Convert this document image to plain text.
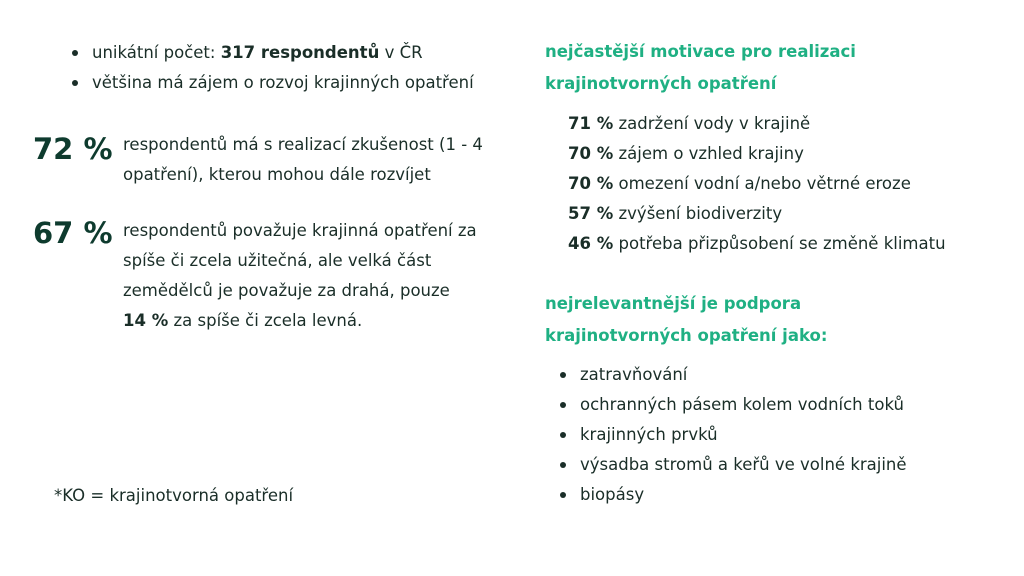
unikátní počet: 317 respondentů v ČR
většina má zájem o rozvoj krajinných opatření
72 % respondentů má s realizací zkušenost (1 - 4 opatření), kterou mohou dále rozvíjet
67 % respondentů považuje krajinná opatření za spíše či zcela užitečná, ale velká část zemědělců je považuje za drahá, pouze
14 % za spíše či zcela levná.
nejčastější motivace pro realizaci
krajinotvorných opatření
71 % zadržení vody v krajině
70 % zájem o vzhled krajiny
70 % omezení vodní a/nebo větrné eroze
57 % zvýšení biodiverzity
46 % potřeba přizpůsobení se změně klimatu
nejrelevantnější je podpora
krajinotvorných opatření jako:
zatravňování
ochranných pásem kolem vodních toků
krajinných prvků
výsadba stromů a keřů ve volné krajině
biopásy
*KO = krajinotvorná opatření
